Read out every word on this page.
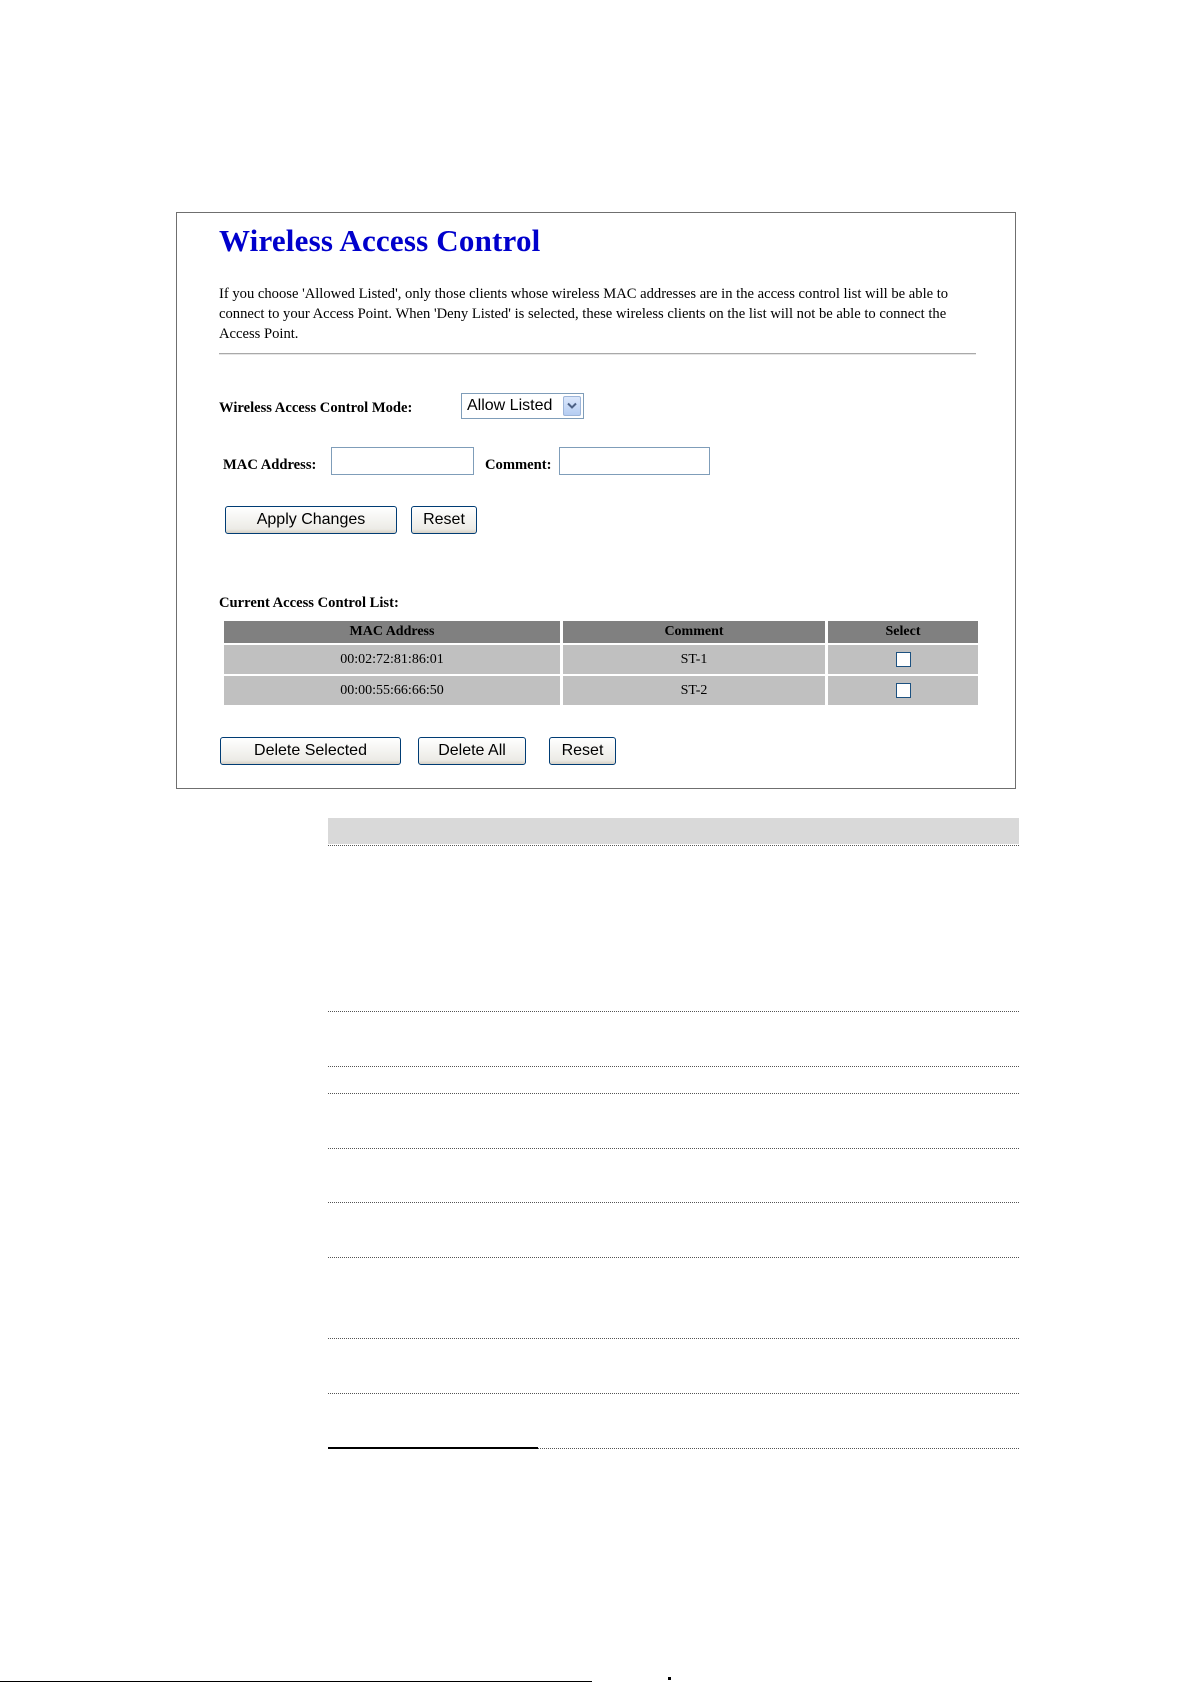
Wireless Access Control

If you choose 'Allowed Listed', only those clients whose wireless MAC addresses are in the access control list will be able to connect to your Access Point. When 'Deny Listed' is selected, these wireless clients on the list will not be able to connect the Access Point.

Wireless Access Control Mode:	Allow Listed
MAC Address:	Comment:
Apply Changes	Reset
Current Access Control List:
MAC Address	Comment	Select
00:02:72:81:86:01	ST-1	
00:00:55:66:66:50	ST-2	
Delete Selected	Delete All	Reset
